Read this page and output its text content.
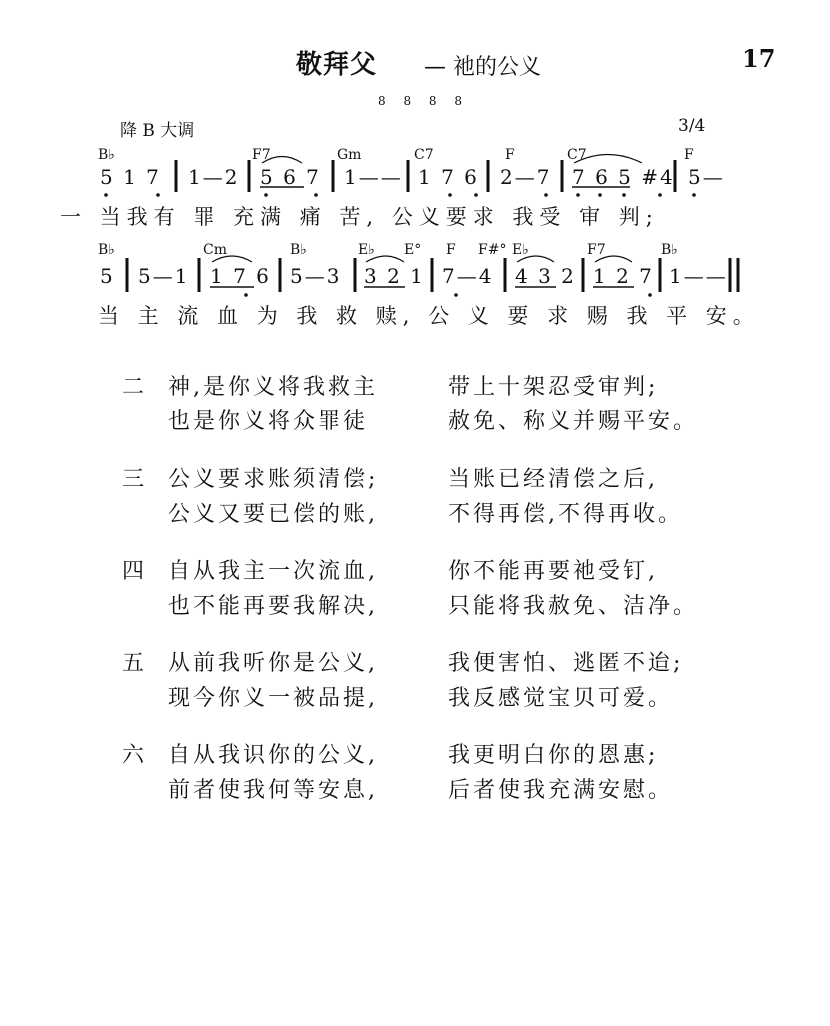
敬拜父 — 祂的公义	17
8 8 8 8
降 B 大调	3/4
B♭	F7	Gm	C7	F	C7	F
5 1 7 1—2 5 6 7 1—— 1 7 6 2—7 7 6 5 #4 5—
一 当我有 罪 充满 痛 苦, 公义要求 我受 审 判;
B♭	Cm	B♭	E♭ E° F F#° E♭	F7	B♭
5 5—1 1 7 6 5—3 3 2 1 7—4 4 3 2 1 2 7 1——
当 主 流 血 为 我 救 赎, 公 义 要 求 赐 我 平 安。
二 神,是你义将我救主	带上十架忍受审判;
也是你义将众罪徒	赦免、称义并赐平安。
三 公义要求账须清偿;	当账已经清偿之后,
公义又要已偿的账,	不得再偿,不得再收。
四 自从我主一次流血,	你不能再要祂受钉,
也不能再要我解决,	只能将我赦免、洁净。
五 从前我听你是公义,	我便害怕、逃匿不迨;
现今你义一被品提,	我反感觉宝贝可爱。
六 自从我识你的公义,	我更明白你的恩惠;
前者使我何等安息,	后者使我充满安慰。
